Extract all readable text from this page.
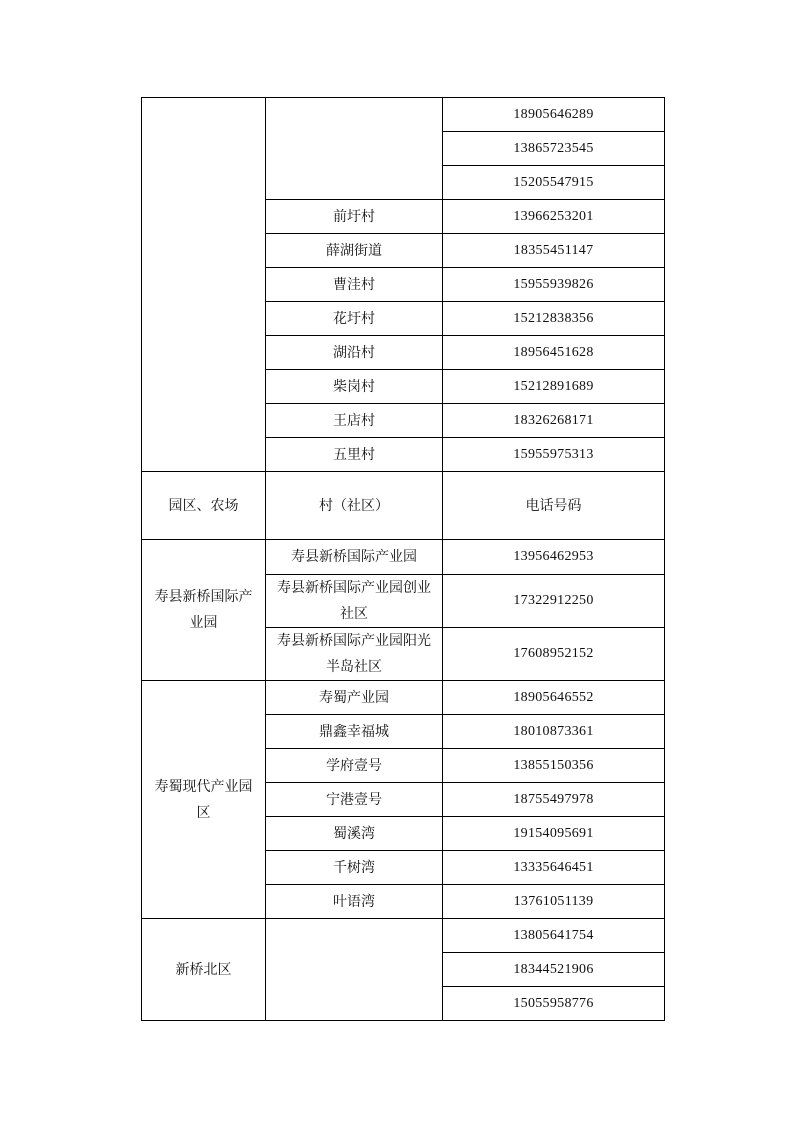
		18905646289
		13865723545
		15205547915
	前圩村	13966253201
	薛湖街道	18355451147
	曹洼村	15955939826
	花圩村	15212838356
	湖沿村	18956451628
	柴岗村	15212891689
	王店村	18326268171
	五里村	15955975313
园区、农场	村（社区）	电话号码
寿县新桥国际产业园	寿县新桥国际产业园	13956462953
	寿县新桥国际产业园创业社区	17322912250
	寿县新桥国际产业园阳光半岛社区	17608952152
寿蜀现代产业园区	寿蜀产业园	18905646552
	鼎鑫幸福城	18010873361
	学府壹号	13855150356
	宁港壹号	18755497978
	蜀溪湾	19154095691
	千树湾	13335646451
	叶语湾	13761051139
新桥北区		13805641754
		18344521906
		15055958776
